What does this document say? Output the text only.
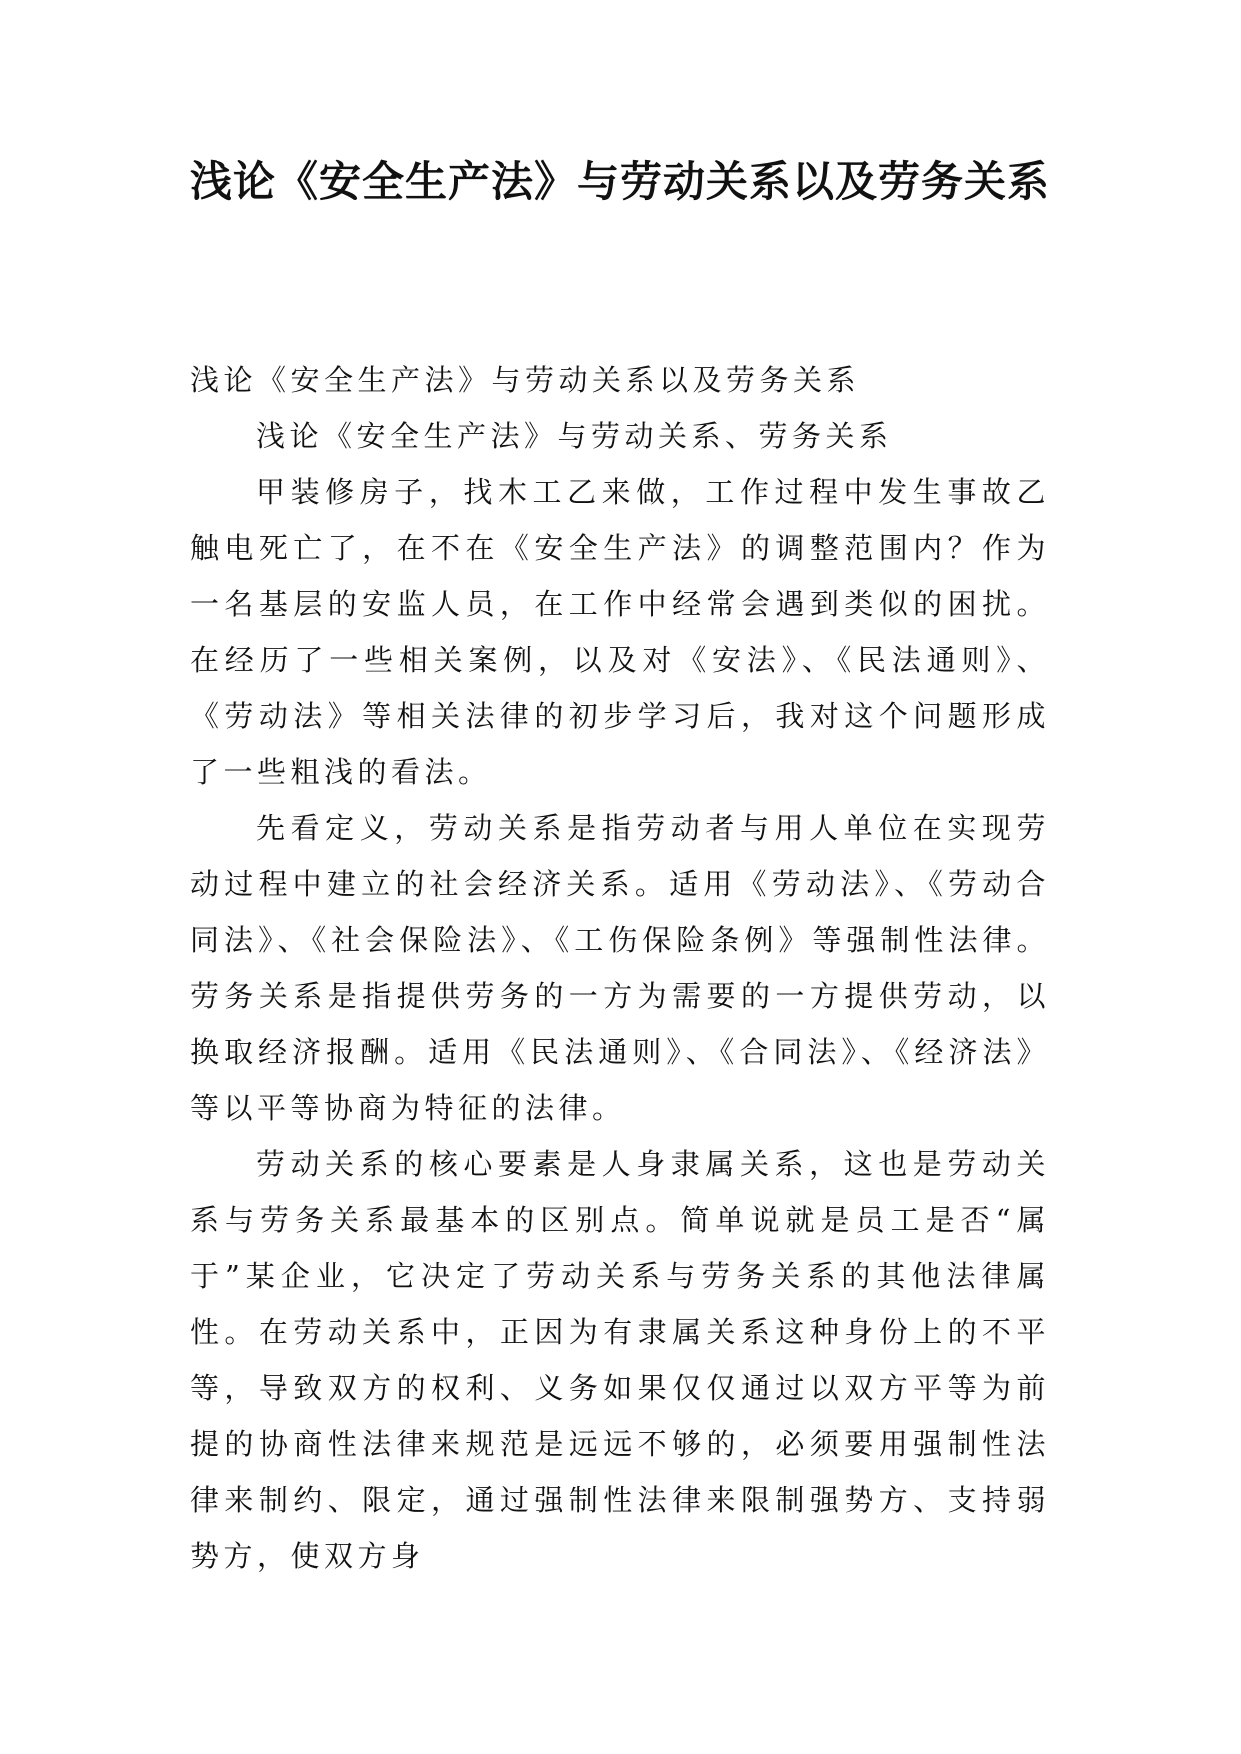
浅论《安全生产法》与劳动关系以及劳务关系

浅论《安全生产法》与劳动关系以及劳务关系

浅论《安全生产法》与劳动关系、劳务关系

甲装修房子，找木工乙来做，工作过程中发生事故乙触电死亡了，在不在《安全生产法》的调整范围内？作为一名基层的安监人员，在工作中经常会遇到类似的困扰。在经历了一些相关案例，以及对《安法》、《民法通则》、《劳动法》等相关法律的初步学习后，我对这个问题形成了一些粗浅的看法。

先看定义，劳动关系是指劳动者与用人单位在实现劳动过程中建立的社会经济关系。适用《劳动法》、《劳动合同法》、《社会保险法》、《工伤保险条例》等强制性法律。劳务关系是指提供劳务的一方为需要的一方提供劳动，以换取经济报酬。适用《民法通则》、《合同法》、《经济法》等以平等协商为特征的法律。

劳动关系的核心要素是人身隶属关系，这也是劳动关系与劳务关系最基本的区别点。简单说就是员工是否“属于”某企业，它决定了劳动关系与劳务关系的其他法律属性。在劳动关系中，正因为有隶属关系这种身份上的不平等，导致双方的权利、义务如果仅仅通过以双方平等为前提的协商性法律来规范是远远不够的，必须要用强制性法律来制约、限定，通过强制性法律来限制强势方、支持弱势方，使双方身
